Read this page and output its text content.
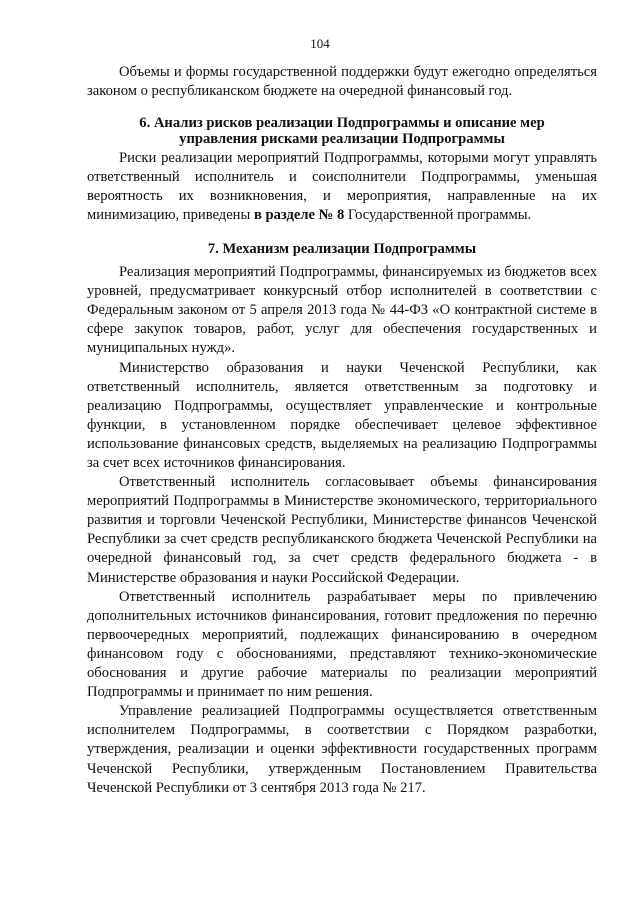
104

Объемы и формы государственной поддержки будут ежегодно определяться законом о республиканском бюджете на очередной финансовый год.

6. Анализ рисков реализации Подпрограммы и описание мер
управления рисками реализации Подпрограммы

Риски реализации мероприятий Подпрограммы, которыми могут управлять ответственный исполнитель и соисполнители Подпрограммы, уменьшая вероятность их возникновения, и мероприятия, направленные на их минимизацию, приведены в разделе № 8 Государственной программы.

7. Механизм реализации Подпрограммы

Реализация мероприятий Подпрограммы, финансируемых из бюджетов всех уровней, предусматривает конкурсный отбор исполнителей в соответствии с Федеральным законом от 5 апреля 2013 года № 44-ФЗ «О контрактной системе в сфере закупок товаров, работ, услуг для обеспечения государственных и муниципальных нужд».

Министерство образования и науки Чеченской Республики, как ответственный исполнитель, является ответственным за подготовку и реализацию Подпрограммы, осуществляет управленческие и контрольные функции, в установленном порядке обеспечивает целевое эффективное использование финансовых средств, выделяемых на реализацию Подпрограммы за счет всех источников финансирования.

Ответственный исполнитель согласовывает объемы финансирования мероприятий Подпрограммы в Министерстве экономического, территориального развития и торговли Чеченской Республики, Министерстве финансов Чеченской Республики за счет средств республиканского бюджета Чеченской Республики на очередной финансовый год, за счет средств федерального бюджета - в Министерстве образования и науки Российской Федерации.

Ответственный исполнитель разрабатывает меры по привлечению дополнительных источников финансирования, готовит предложения по перечню первоочередных мероприятий, подлежащих финансированию в очередном финансовом году с обоснованиями, представляют технико-экономические обоснования и другие рабочие материалы по реализации мероприятий Подпрограммы и принимает по ним решения.

Управление реализацией Подпрограммы осуществляется ответственным исполнителем Подпрограммы, в соответствии с Порядком разработки, утверждения, реализации и оценки эффективности государственных программ Чеченской Республики, утвержденным Постановлением Правительства Чеченской Республики от 3 сентября 2013 года № 217.
